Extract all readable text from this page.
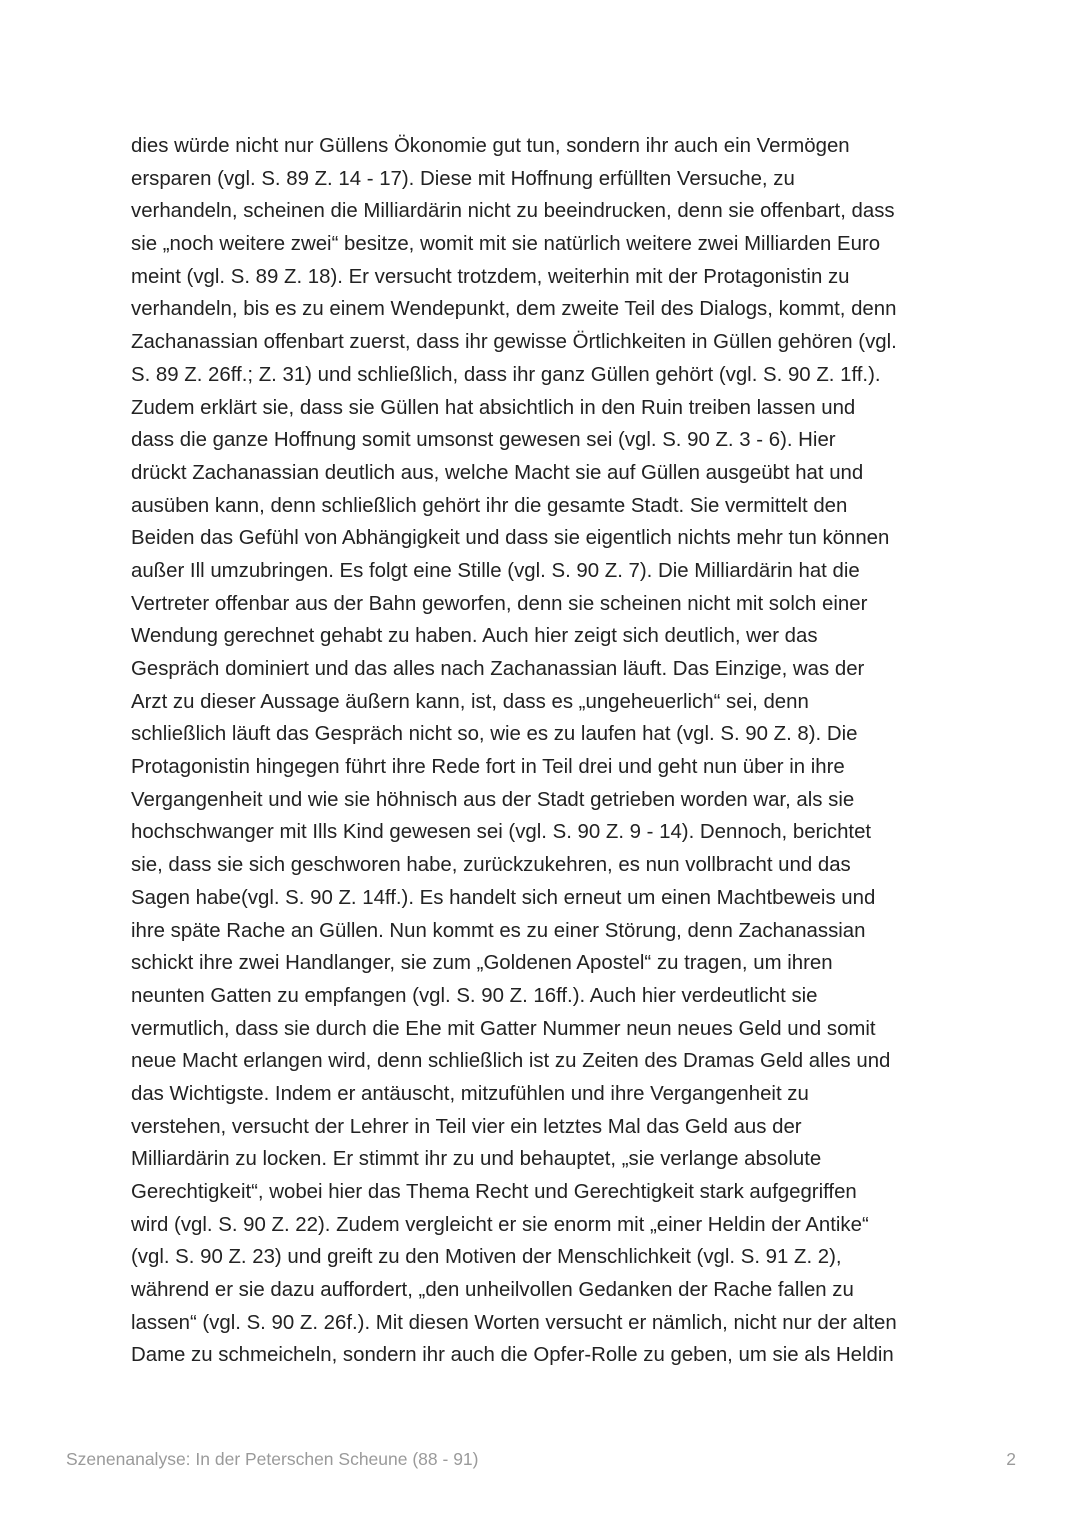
dies würde nicht nur Güllens Ökonomie gut tun, sondern ihr auch ein Vermögen
ersparen (vgl. S. 89 Z. 14 - 17). Diese mit Hoffnung erfüllten Versuche, zu
verhandeln, scheinen die Milliardärin nicht zu beeindrucken, denn sie offenbart, dass
sie „noch weitere zwei“ besitze, womit mit sie natürlich weitere zwei Milliarden Euro
meint (vgl. S. 89 Z. 18). Er versucht trotzdem, weiterhin mit der Protagonistin zu
verhandeln, bis es zu einem Wendepunkt, dem zweite Teil des Dialogs, kommt, denn
Zachanassian offenbart zuerst, dass ihr gewisse Örtlichkeiten in Güllen gehören (vgl.
S. 89 Z. 26ff.; Z. 31) und schließlich, dass ihr ganz Güllen gehört (vgl. S. 90 Z. 1ff.).
Zudem erklärt sie, dass sie Güllen hat absichtlich in den Ruin treiben lassen und
dass die ganze Hoffnung somit umsonst gewesen sei (vgl. S. 90 Z. 3 - 6). Hier
drückt Zachanassian deutlich aus, welche Macht sie auf Güllen ausgeübt hat und
ausüben kann, denn schließlich gehört ihr die gesamte Stadt. Sie vermittelt den
Beiden das Gefühl von Abhängigkeit und dass sie eigentlich nichts mehr tun können
außer Ill umzubringen. Es folgt eine Stille (vgl. S. 90 Z. 7). Die Milliardärin hat die
Vertreter offenbar aus der Bahn geworfen, denn sie scheinen nicht mit solch einer
Wendung gerechnet gehabt zu haben. Auch hier zeigt sich deutlich, wer das
Gespräch dominiert und das alles nach Zachanassian läuft. Das Einzige, was der
Arzt zu dieser Aussage äußern kann, ist, dass es „ungeheuerlich“ sei, denn
schließlich läuft das Gespräch nicht so, wie es zu laufen hat (vgl. S. 90 Z. 8). Die
Protagonistin hingegen führt ihre Rede fort in Teil drei und geht nun über in ihre
Vergangenheit und wie sie höhnisch aus der Stadt getrieben worden war, als sie
hochschwanger mit Ills Kind gewesen sei (vgl. S. 90 Z. 9 - 14). Dennoch, berichtet
sie, dass sie sich geschworen habe, zurückzukehren, es nun vollbracht und das
Sagen habe(vgl. S. 90 Z. 14ff.). Es handelt sich erneut um einen Machtbeweis und
ihre späte Rache an Güllen. Nun kommt es zu einer Störung, denn Zachanassian
schickt ihre zwei Handlanger, sie zum „Goldenen Apostel“ zu tragen, um ihren
neunten Gatten zu empfangen (vgl. S. 90 Z. 16ff.). Auch hier verdeutlicht sie
vermutlich, dass sie durch die Ehe mit Gatter Nummer neun neues Geld und somit
neue Macht erlangen wird, denn schließlich ist zu Zeiten des Dramas Geld alles und
das Wichtigste. Indem er antäuscht, mitzufühlen und ihre Vergangenheit zu
verstehen, versucht der Lehrer in Teil vier ein letztes Mal das Geld aus der
Milliardärin zu locken. Er stimmt ihr zu und behauptet, „sie verlange absolute
Gerechtigkeit“, wobei hier das Thema Recht und Gerechtigkeit stark aufgegriffen
wird (vgl. S. 90 Z. 22). Zudem vergleicht er sie enorm mit „einer Heldin der Antike“
(vgl. S. 90 Z. 23) und greift zu den Motiven der Menschlichkeit (vgl. S. 91 Z. 2),
während er sie dazu auffordert, „den unheilvollen Gedanken der Rache fallen zu
lassen“ (vgl. S. 90 Z. 26f.). Mit diesen Worten versucht er nämlich, nicht nur der alten
Dame zu schmeicheln, sondern ihr auch die Opfer-Rolle zu geben, um sie als Heldin
Szenenanalyse: In der Peterschen Scheune (88 - 91)	2
